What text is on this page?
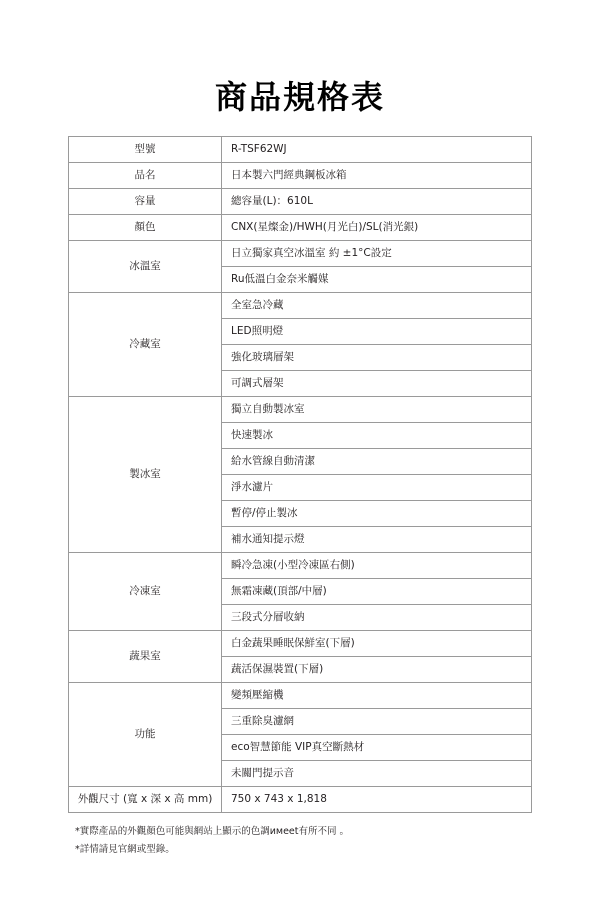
商品規格表
型號	R-TSF62WJ
品名	日本製六門經典鋼板冰箱
容量	總容量(L)：610L
顏色	CNX(星燦金)/HWH(月光白)/SL(消光銀)
冰溫室	日立獨家真空冰溫室 約 ±1°C設定
	Ru低溫白金奈米觸媒
冷藏室	全室急冷藏
	LED照明燈
	強化玻璃層架
	可調式層架
製冰室	獨立自動製冰室
	快速製冰
	給水管線自動清潔
	淨水濾片
	暫停/停止製冰
	補水通知提示燈
冷凍室	瞬冷急凍(小型冷凍區右側)
	無霜凍藏(頂部/中層)
	三段式分層收納
蔬果室	白金蔬果睡眠保鮮室(下層)
	蔬活保濕裝置(下層)
功能	變頻壓縮機
	三重除臭濾網
	eco智慧節能 VIP真空斷熱材
	未關門提示音
外觀尺寸 (寬 x 深 x 高 mm)	750 x 743 x 1,818
*實際產品的外觀顏色可能與網站上顯示的色調имеet有所不同 。
*詳情請見官網或型錄。
